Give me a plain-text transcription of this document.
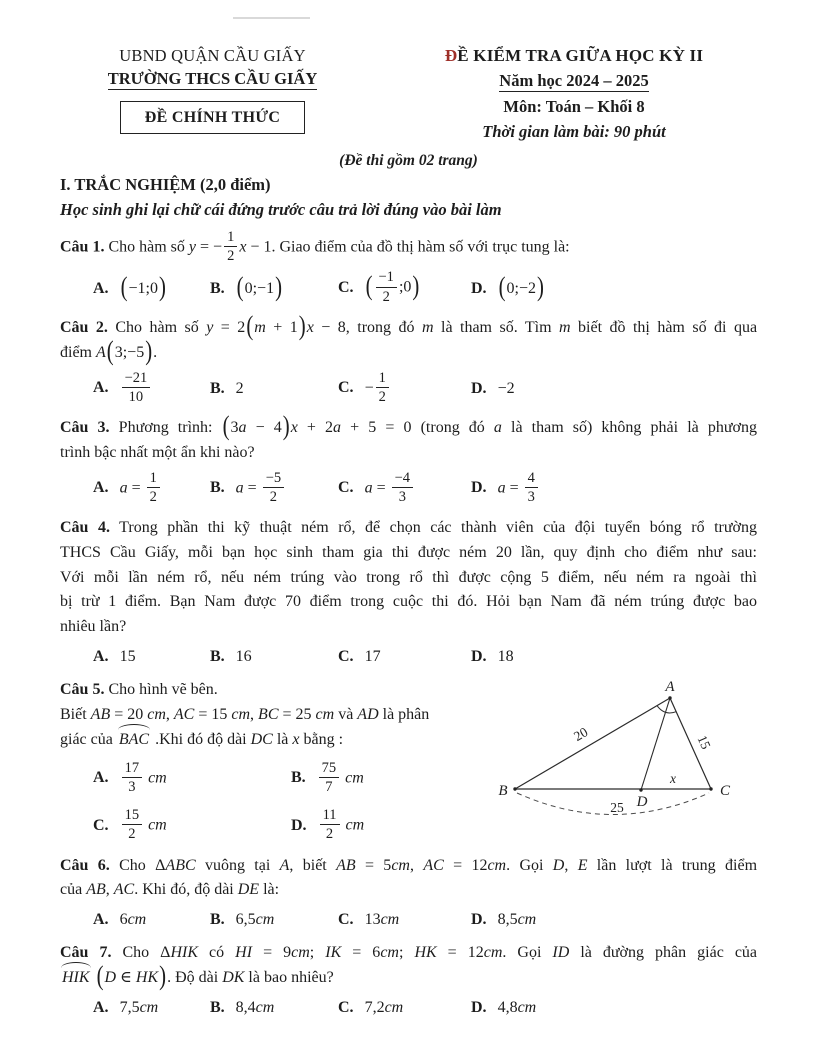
UBND QUẬN CẦU GIẤY
TRƯỜNG THCS CẦU GIẤY
ĐỀ CHÍNH THỨC
ĐỀ KIỂM TRA GIỮA HỌC KỲ II
Năm học 2024 – 2025
Môn: Toán – Khối 8
Thời gian làm bài: 90 phút
(Đề thi gồm 02 trang)
I. TRẮC NGHIỆM (2,0 điểm)
Học sinh ghi lại chữ cái đứng trước câu trả lời đúng vào bài làm
Câu 1. Cho hàm số y = − $\frac{1}{2}$ x − 1. Giao điểm của đồ thị hàm số với trục tung là:
A. (−1;0)	B. (0;−1)	C. ( $\frac{-1}{2}$ ;0)	D. (0;−2)
Câu 2. Cho hàm số y = 2(m + 1)x − 8, trong đó m là tham số. Tìm m biết đồ thị hàm số đi qua
điểm A(3;−5).
A. $\frac{-21}{10}$	B. 2	C. − $\frac{1}{2}$	D. −2
Câu 3. Phương trình: (3a − 4)x + 2a + 5 = 0 (trong đó a là tham số) không phải là phương
trình bậc nhất một ẩn khi nào?
A. $a = \frac{1}{2}$	B. $a = \frac{-5}{2}$	C. $a = \frac{-4}{3}$	D. $a = \frac{4}{3}$
Câu 4. Trong phần thi kỹ thuật ném rổ, để chọn các thành viên của đội tuyển bóng rổ trường
THCS Cầu Giấy, mỗi bạn học sinh tham gia thi được ném 20 lần, quy định cho điểm như sau:
Với mỗi lần ném rổ, nếu ném trúng vào trong rổ thì được cộng 5 điểm, nếu ném ra ngoài thì
bị trừ 1 điểm. Bạn Nam được 70 điểm trong cuộc thi đó. Hỏi bạn Nam đã ném trúng được bao
nhiêu lần?
A. 15	B. 16	C. 17	D. 18
Câu 5. Cho hình vẽ bên.
Biết AB = 20 cm, AC = 15 cm, BC = 25 cm và AD là phân
giác của BAC .Khi đó độ dài DC là x bằng :
A. $\frac{17}{3}$ cm	B. $\frac{75}{7}$ cm
C. $\frac{15}{2}$ cm	D. $\frac{11}{2}$ cm
A
B	C
D
x
20	15
25
Câu 6. Cho ΔABC vuông tại A, biết AB = 5cm, AC = 12cm. Gọi D, E lần lượt là trung điểm
của AB, AC. Khi đó, độ dài DE là:
A. 6cm	B. 6,5cm	C. 13cm	D. 8,5cm
Câu 7. Cho ΔHIK có HI = 9cm; IK = 6cm; HK = 12cm. Gọi ID là đường phân giác của
HIK (D ∈ HK). Độ dài DK là bao nhiêu?
A. 7,5cm	B. 8,4cm	C. 7,2cm	D. 4,8cm
